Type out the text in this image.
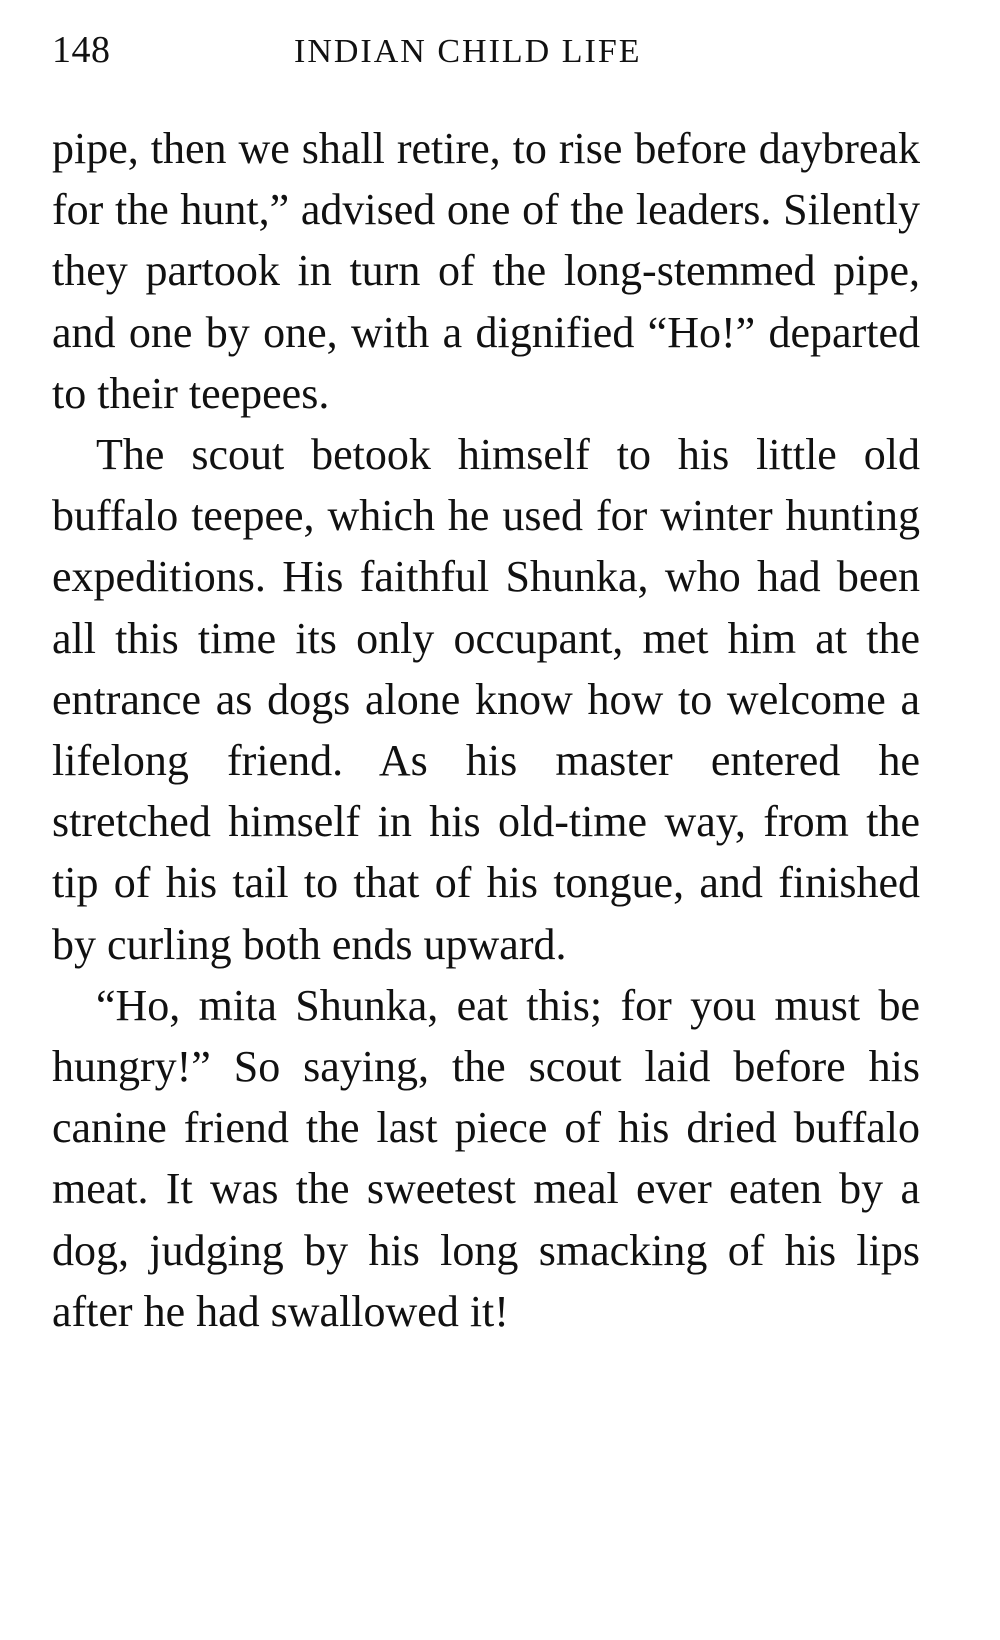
148	INDIAN CHILD LIFE

pipe, then we shall retire, to rise before daybreak for the hunt,” advised one of the leaders. Silently they partook in turn of the long-stemmed pipe, and one by one, with a dignified “Ho!” departed to their teepees.

The scout betook himself to his little old buffalo teepee, which he used for winter hunting expeditions. His faithful Shunka, who had been all this time its only occupant, met him at the entrance as dogs alone know how to welcome a lifelong friend. As his master entered he stretched himself in his old-time way, from the tip of his tail to that of his tongue, and finished by curling both ends upward.

“Ho, mita Shunka, eat this; for you must be hungry!” So saying, the scout laid before his canine friend the last piece of his dried buffalo meat. It was the sweetest meal ever eaten by a dog, judging by his long smacking of his lips after he had swallowed it!
